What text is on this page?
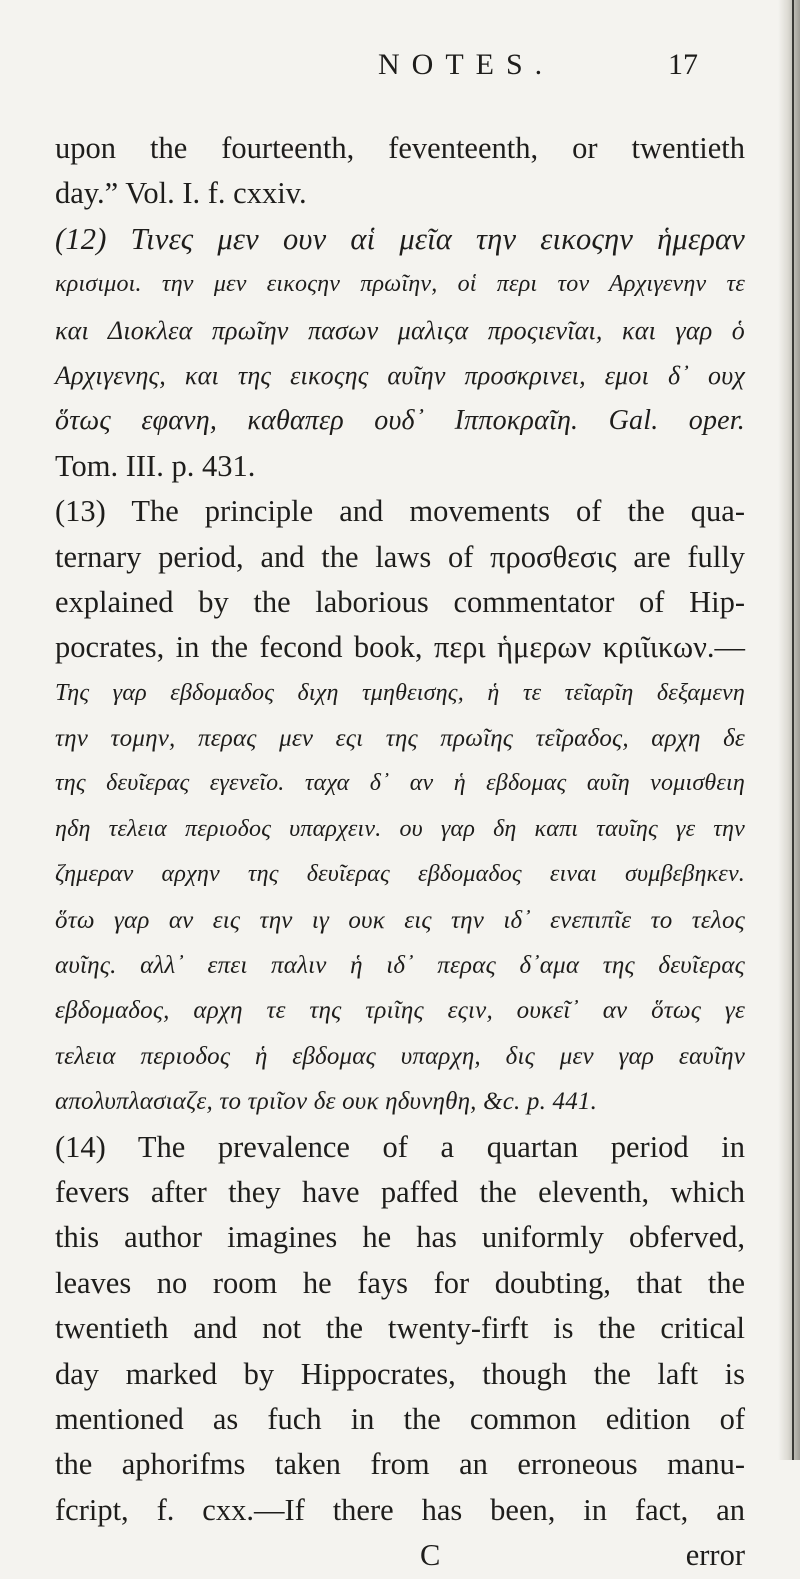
NOTES.	17
upon the fourteenth, feventeenth, or twentieth
day.” Vol. I. f. cxxiv.
(12) Τινες μεν ουν αἱ μεῖα την εικοςην ἡμεραν
κρισιμοι. την μεν εικοςην πρωῖην, οἱ περι τον Αρχιγενην τε
και Διοκλεα πρωῖην πασων μαλιςα προςιενῖαι, και γαρ ὁ
Αρχιγενης, και της εικοςης αυῖην προσκρινει, εμοι δ᾽ ουχ
ὅτως εφανη, καθαπερ ουδ᾽ Ιπποκραῖη. Gal. oper.
Tom. III. p. 431.
(13) The principle and movements of the qua-
ternary period, and the laws of προσθεσις are fully
explained by the laborious commentator of Hip-
pocrates, in the fecond book, περι ἡμερων κριῖικων.—
Της γαρ εβδομαδος διχη τμηθεισης, ἡ τε τεῖαρῖη δεξαμενη
την τομην, περας μεν εςι της πρωῖης τεῖραδος, αρχη δε
της δευῖερας εγενεῖο. ταχα δ᾽ αν ἡ εβδομας αυῖη νομισθειη
ηδη τελεια περιοδος υπαρχειν. ου γαρ δη καπι ταυῖης γε την
ζημεραν αρχην της δευῖερας εβδομαδος ειναι συμβεβηκεν.
ὅτω γαρ αν εις την ιγ ουκ εις την ιδ᾽ ενεπιπῖε το τελος
αυῖης. αλλ᾽ επει παλιν ἡ ιδ᾽ περας δ᾽αμα της δευῖερας
εβδομαδος, αρχη τε της τριῖης εςιν, ουκεῖ᾽ αν ὅτως γε
τελεια περιοδος ἡ εβδομας υπαρχη, δις μεν γαρ εαυῖην
απολυπλασιαζε, το τριῖον δε ουκ ηδυνηθη, &c. p. 441.
(14) The prevalence of a quartan period in
fevers after they have paffed the eleventh, which
this author imagines he has uniformly obferved,
leaves no room he fays for doubting, that the
twentieth and not the twenty-firft is the critical
day marked by Hippocrates, though the laft is
mentioned as fuch in the common edition of
the aphorifms taken from an erroneous manu-
fcript, f. cxx.—If there has been, in fact, an
C error
